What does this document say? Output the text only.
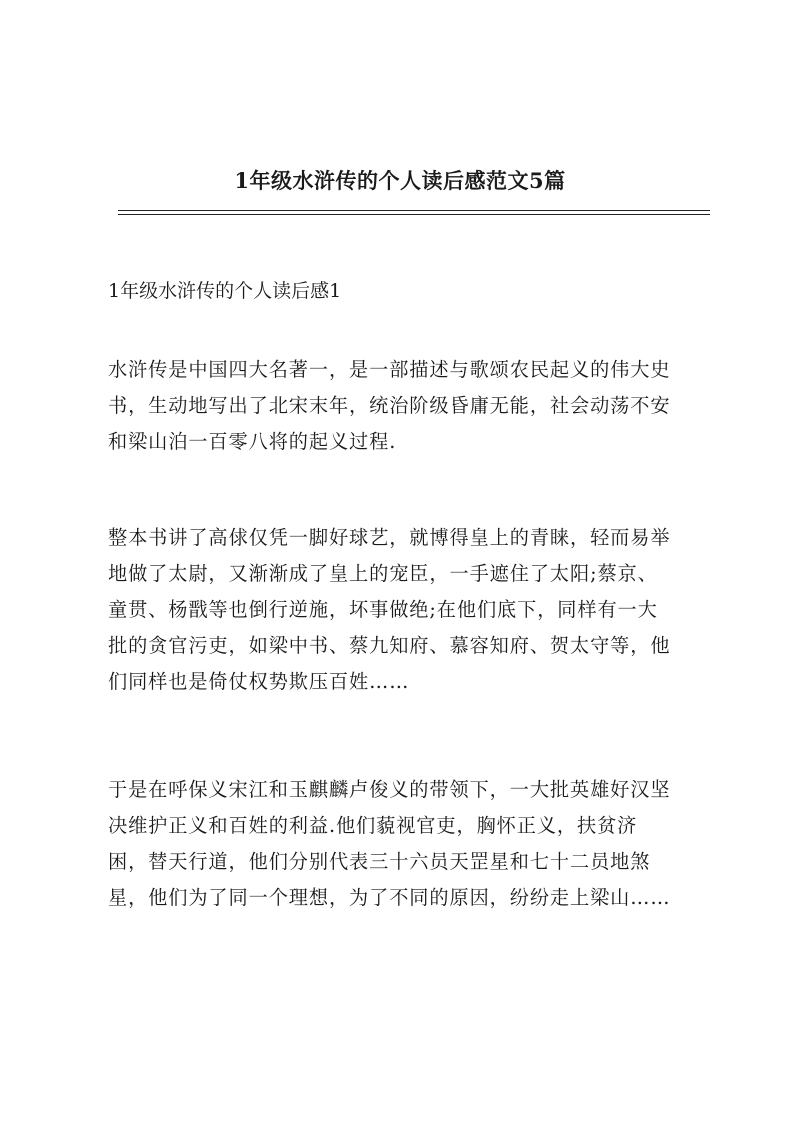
1年级水浒传的个人读后感范文5篇
1年级水浒传的个人读后感1
水浒传是中国四大名著一，是一部描述与歌颂农民起义的伟大史
书，生动地写出了北宋末年，统治阶级昏庸无能，社会动荡不安
和梁山泊一百零八将的起义过程.
整本书讲了高俅仅凭一脚好球艺，就博得皇上的青睐，轻而易举
地做了太尉，又渐渐成了皇上的宠臣，一手遮住了太阳;蔡京、
童贯、杨戬等也倒行逆施，坏事做绝;在他们底下，同样有一大
批的贪官污吏，如梁中书、蔡九知府、慕容知府、贺太守等，他
们同样也是倚仗权势欺压百姓……
于是在呼保义宋江和玉麒麟卢俊义的带领下，一大批英雄好汉坚
决维护正义和百姓的利益.他们藐视官吏，胸怀正义，扶贫济
困，替天行道，他们分别代表三十六员天罡星和七十二员地煞
星，他们为了同一个理想，为了不同的原因，纷纷走上梁山……
